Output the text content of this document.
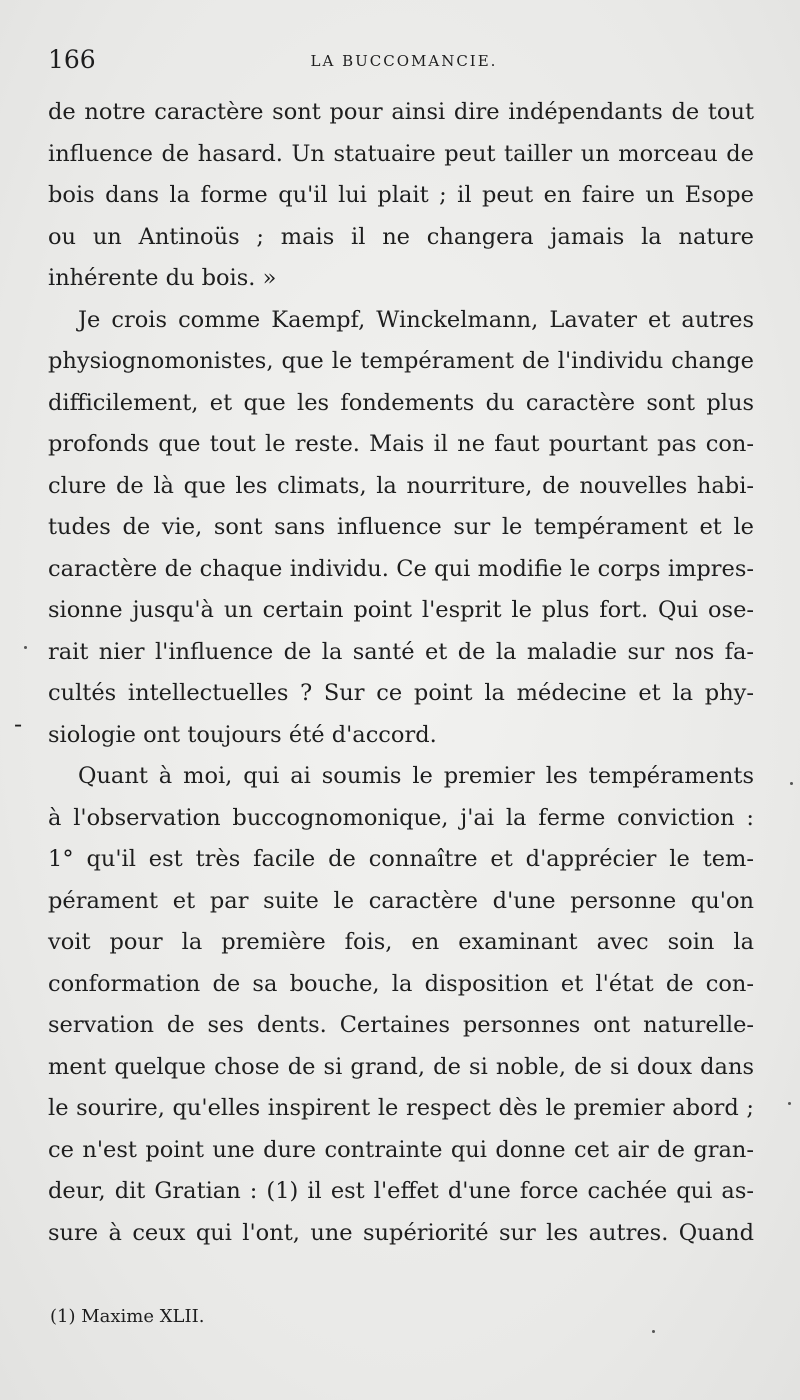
166	LA BUCCOMANCIE.

de notre caractère sont pour ainsi dire indépendants de tout
influence de hasard. Un statuaire peut tailler un morceau de
bois dans la forme qu'il lui plait ; il peut en faire un Esope
ou un Antinoüs ; mais il ne changera jamais la nature
inhérente du bois. »

Je crois comme Kaempf, Winckelmann, Lavater et autres
physiognomonistes, que le tempérament de l'individu change
difficilement, et que les fondements du caractère sont plus
profonds que tout le reste. Mais il ne faut pourtant pas con-
clure de là que les climats, la nourriture, de nouvelles habi-
tudes de vie, sont sans influence sur le tempérament et le
caractère de chaque individu. Ce qui modifie le corps impres-
sionne jusqu'à un certain point l'esprit le plus fort. Qui ose-
rait nier l'influence de la santé et de la maladie sur nos fa-
cultés intellectuelles ? Sur ce point la médecine et la phy-
siologie ont toujours été d'accord.

Quant à moi, qui ai soumis le premier les tempéraments
à l'observation buccognomonique, j'ai la ferme conviction :
1° qu'il est très facile de connaître et d'apprécier le tem-
pérament et par suite le caractère d'une personne qu'on
voit pour la première fois, en examinant avec soin la
conformation de sa bouche, la disposition et l'état de con-
servation de ses dents. Certaines personnes ont naturelle-
ment quelque chose de si grand, de si noble, de si doux dans
le sourire, qu'elles inspirent le respect dès le premier abord ;
ce n'est point une dure contrainte qui donne cet air de gran-
deur, dit Gratian : (1) il est l'effet d'une force cachée qui as-
sure à ceux qui l'ont, une supériorité sur les autres. Quand

-
(1) Maxime XLII.
